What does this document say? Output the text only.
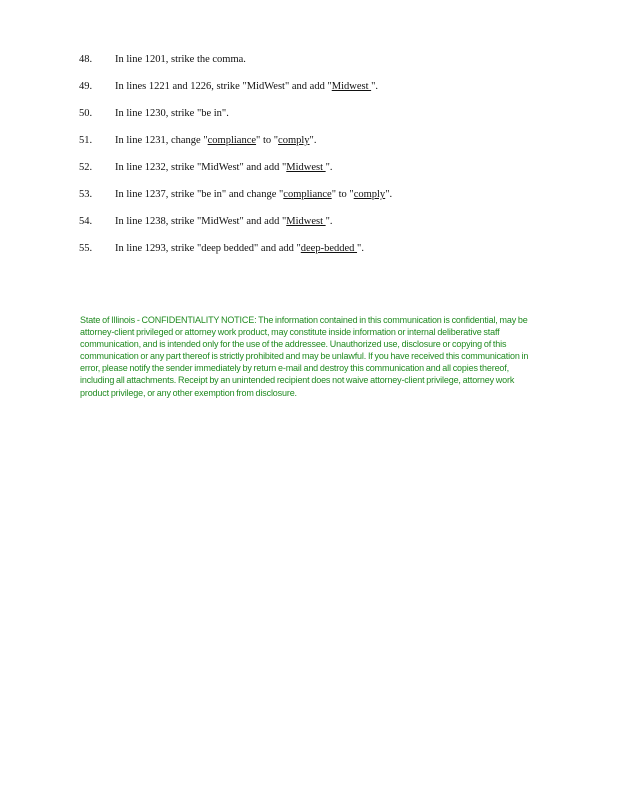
48.	In line 1201, strike the comma.
49.	In lines 1221 and 1226, strike "MidWest" and add "Midwest ".
50.	In line 1230, strike "be in".
51.	In line 1231, change "compliance" to "comply".
52.	In line 1232, strike "MidWest" and add "Midwest ".
53.	In line 1237, strike "be in" and change "compliance" to "comply".
54.	In line 1238, strike "MidWest" and add "Midwest ".
55.	In line 1293, strike "deep bedded" and add "deep-bedded ".
State of Illinois - CONFIDENTIALITY NOTICE: The information contained in this communication is confidential, may be attorney-client privileged or attorney work product, may constitute inside information or internal deliberative staff communication, and is intended only for the use of the addressee. Unauthorized use, disclosure or copying of this communication or any part thereof is strictly prohibited and may be unlawful. If you have received this communication in error, please notify the sender immediately by return e-mail and destroy this communication and all copies thereof, including all attachments. Receipt by an unintended recipient does not waive attorney-client privilege, attorney work product privilege, or any other exemption from disclosure.
